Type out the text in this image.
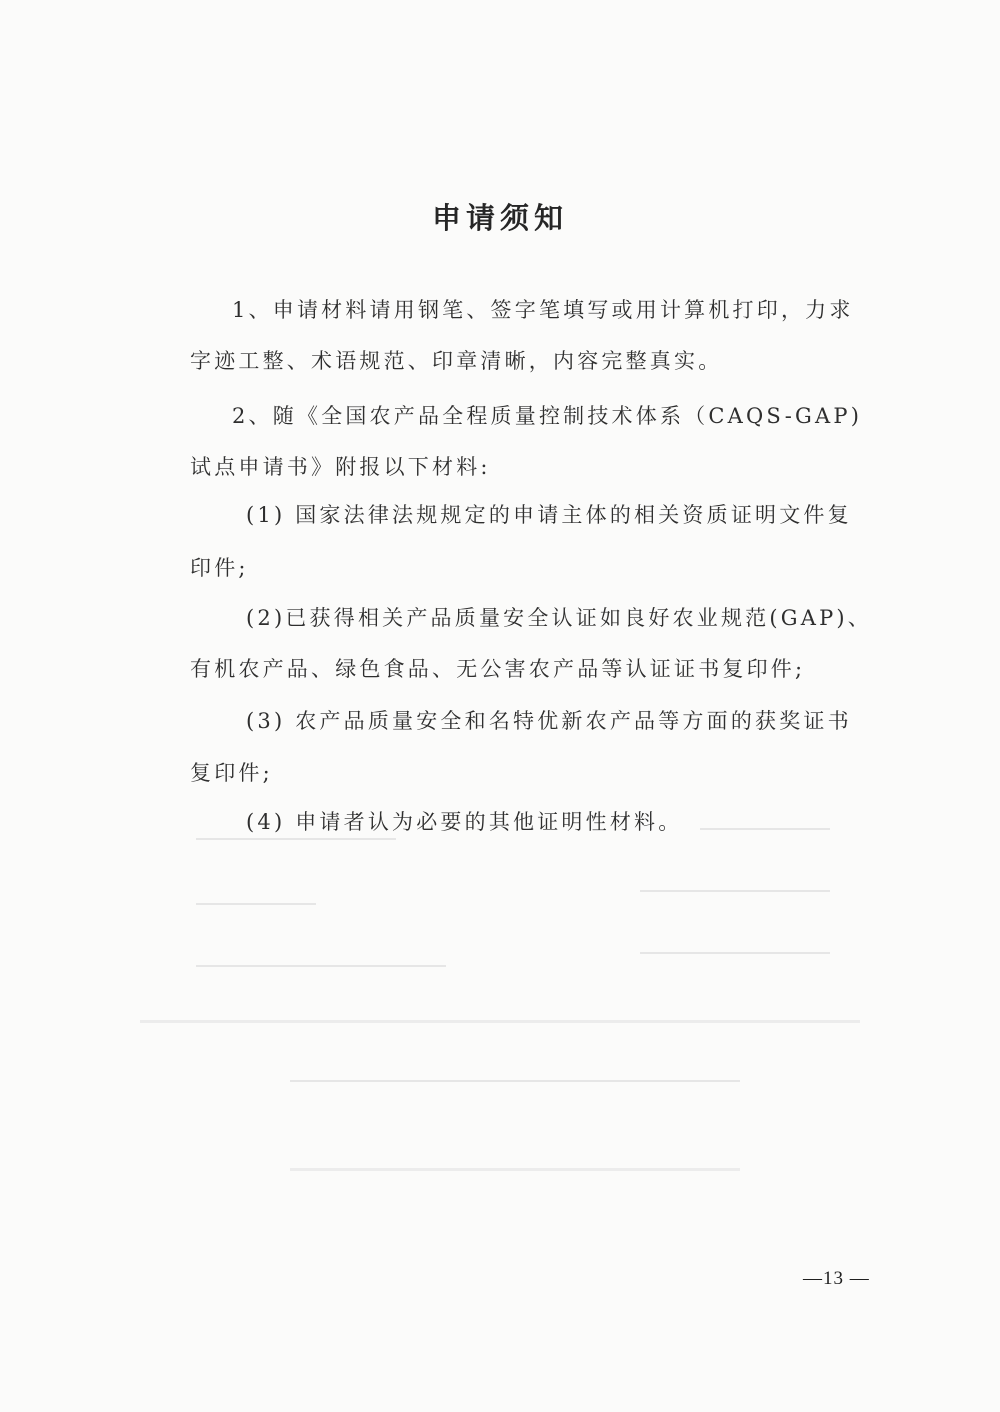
申请须知
1、申请材料请用钢笔、签字笔填写或用计算机打印，力求
字迹工整、术语规范、印章清晰，内容完整真实。
2、随《全国农产品全程质量控制技术体系（CAQS-GAP)
试点申请书》附报以下材料:
(1) 国家法律法规规定的申请主体的相关资质证明文件复
印件;
(2)已获得相关产品质量安全认证如良好农业规范(GAP)、
有机农产品、绿色食品、无公害农产品等认证证书复印件;
(3) 农产品质量安全和名特优新农产品等方面的获奖证书
复印件;
(4) 申请者认为必要的其他证明性材料。
—13 —
